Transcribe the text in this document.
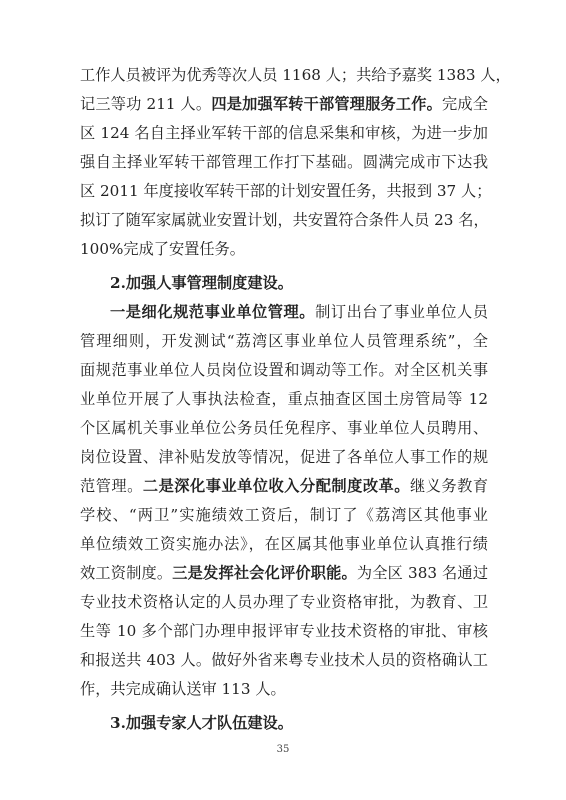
工作人员被评为优秀等次人员 1168 人；共给予嘉奖 1383 人，
记三等功 211 人。四是加强军转干部管理服务工作。完成全
区 124 名自主择业军转干部的信息采集和审核，为进一步加
强自主择业军转干部管理工作打下基础。圆满完成市下达我
区 2011 年度接收军转干部的计划安置任务，共报到 37 人；
拟订了随军家属就业安置计划，共安置符合条件人员 23 名，
100%完成了安置任务。
2.加强人事管理制度建设。
一是细化规范事业单位管理。制订出台了事业单位人员
管理细则，开发测试“荔湾区事业单位人员管理系统”，全
面规范事业单位人员岗位设置和调动等工作。对全区机关事
业单位开展了人事执法检查，重点抽查区国土房管局等 12
个区属机关事业单位公务员任免程序、事业单位人员聘用、
岗位设置、津补贴发放等情况，促进了各单位人事工作的规
范管理。二是深化事业单位收入分配制度改革。继义务教育
学校、“两卫”实施绩效工资后，制订了《荔湾区其他事业
单位绩效工资实施办法》，在区属其他事业单位认真推行绩
效工资制度。三是发挥社会化评价职能。为全区 383 名通过
专业技术资格认定的人员办理了专业资格审批，为教育、卫
生等 10 多个部门办理申报评审专业技术资格的审批、审核
和报送共 403 人。做好外省来粤专业技术人员的资格确认工
作，共完成确认送审 113 人。
3.加强专家人才队伍建设。
35
